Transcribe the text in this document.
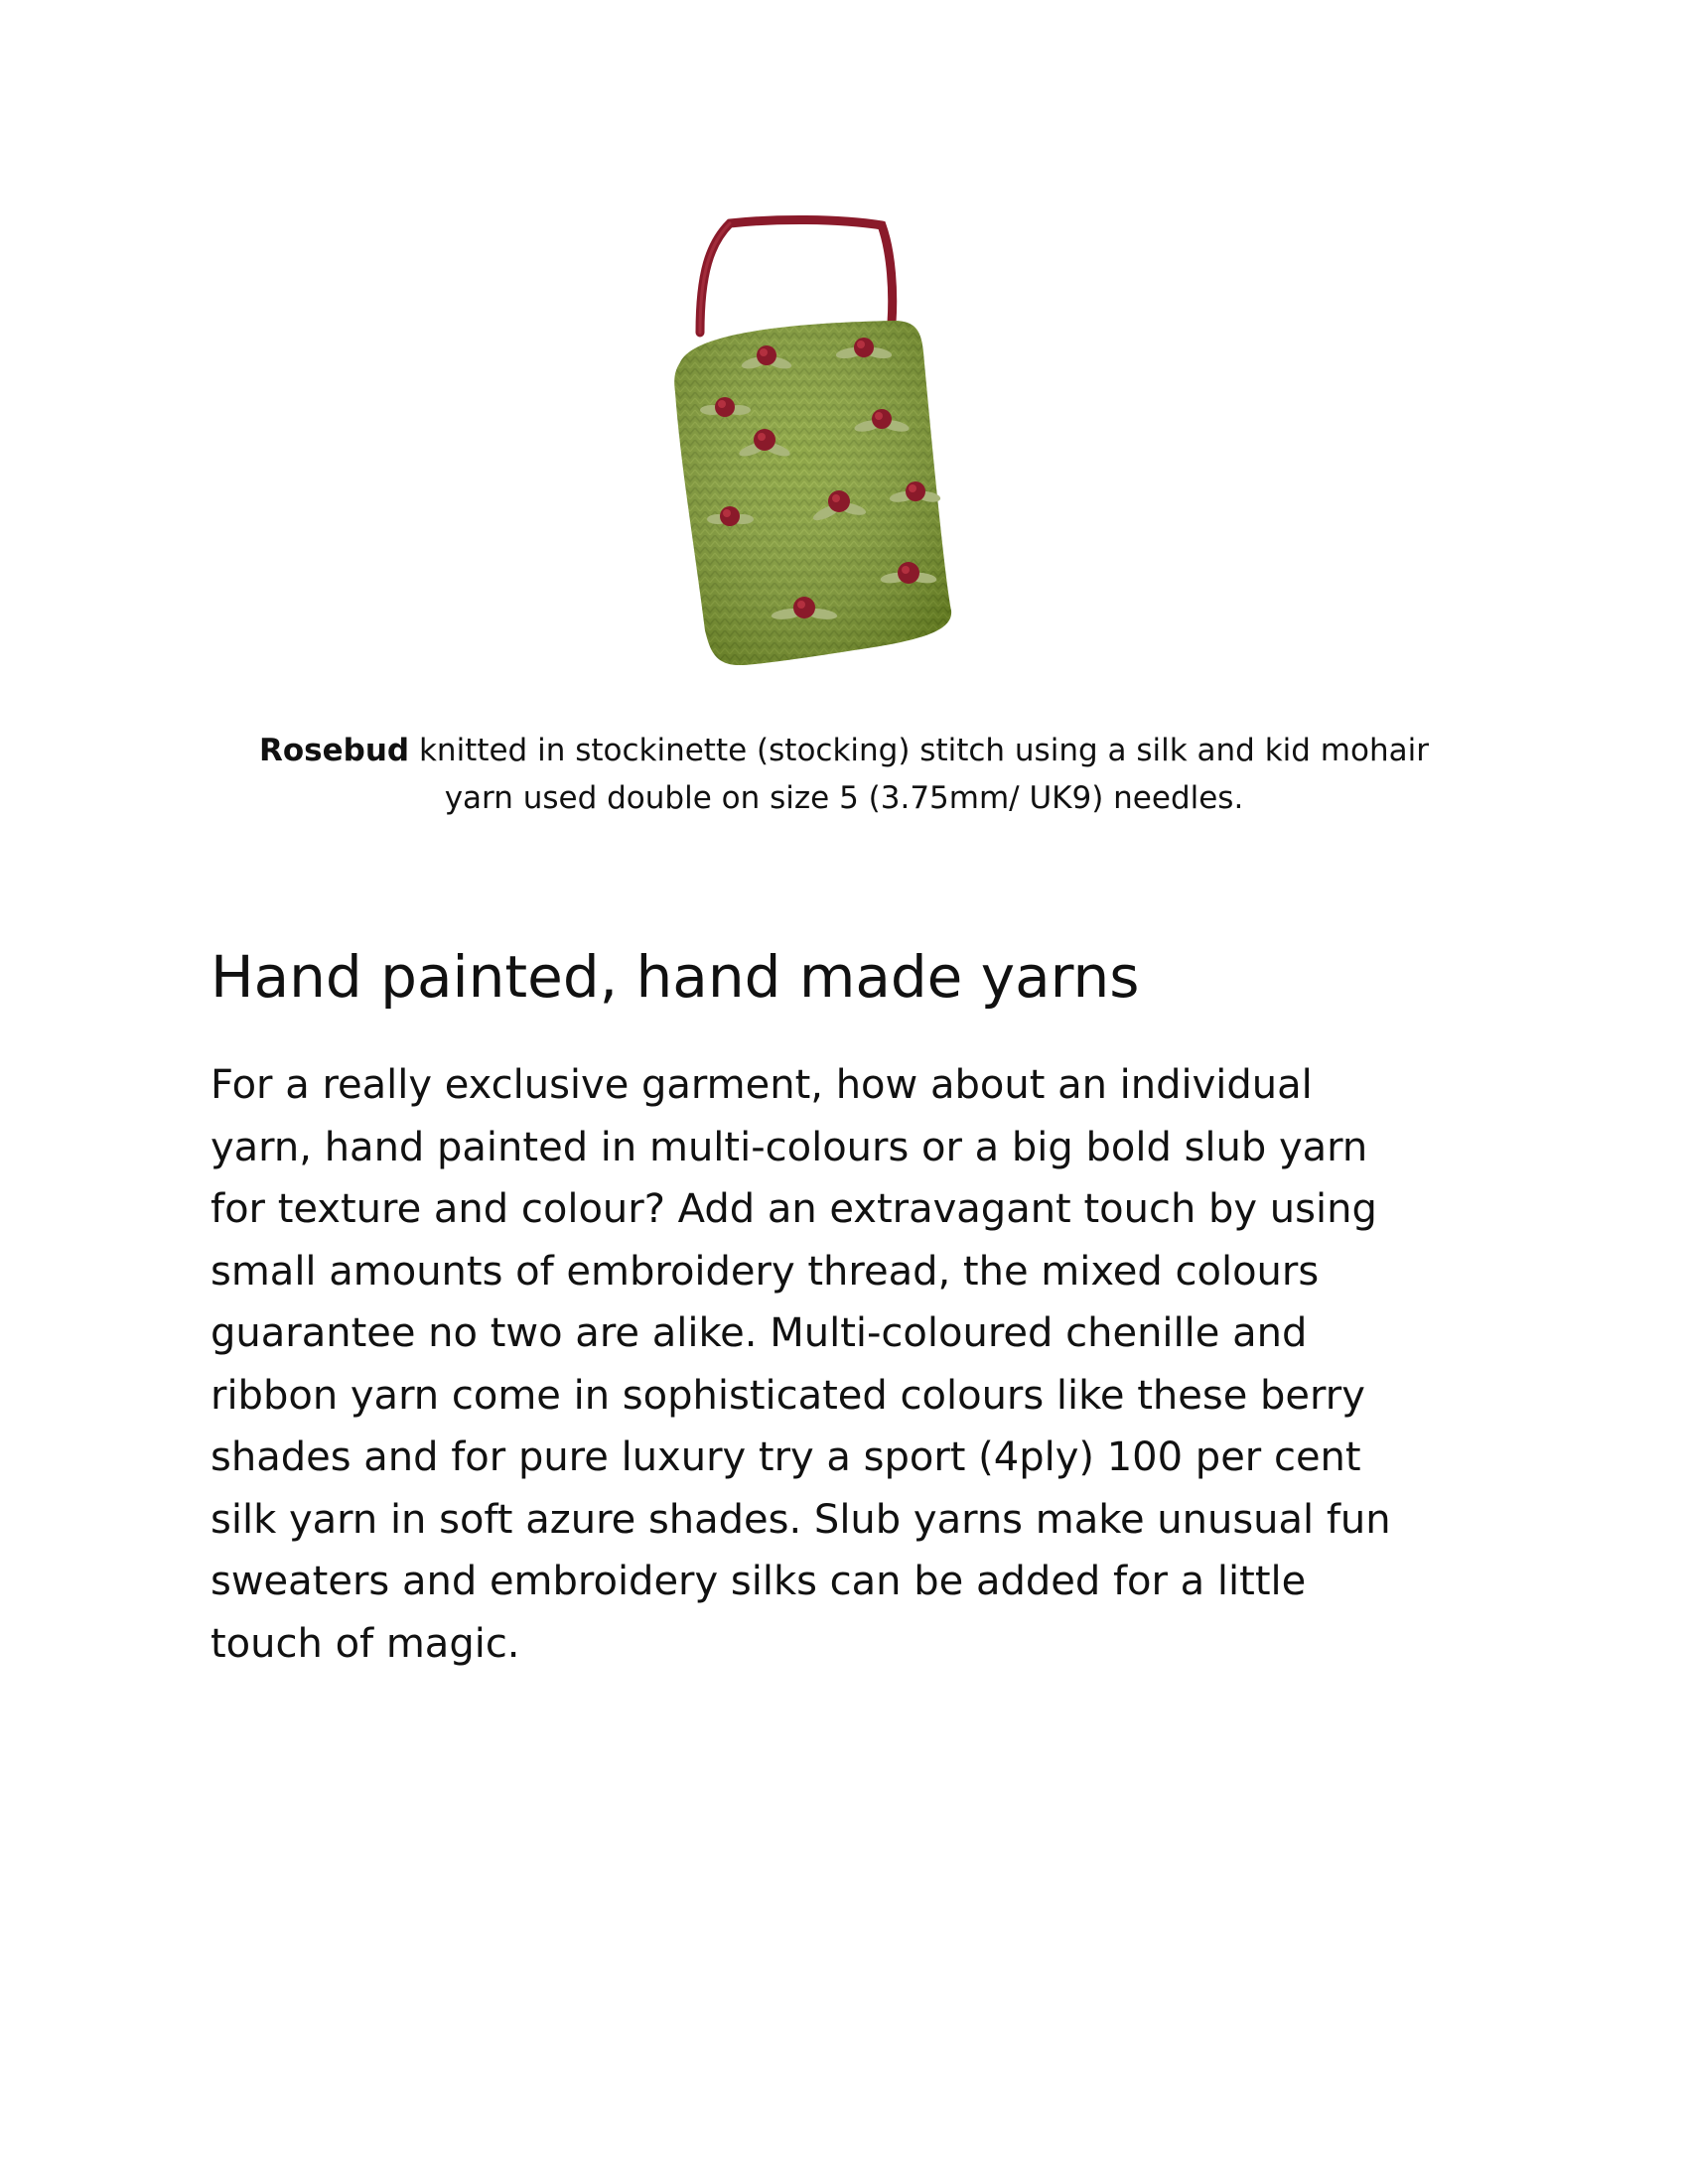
Rosebud knitted in stockinette (stocking) stitch using a silk and kid mohair
yarn used double on size 5 (3.75mm/ UK9) needles.
Hand painted, hand made yarns

For a really exclusive garment, how about an individual
yarn, hand painted in multi-colours or a big bold slub yarn
for texture and colour? Add an extravagant touch by using
small amounts of embroidery thread, the mixed colours
guarantee no two are alike. Multi-coloured chenille and
ribbon yarn come in sophisticated colours like these berry
shades and for pure luxury try a sport (4ply) 100 per cent
silk yarn in soft azure shades. Slub yarns make unusual fun
sweaters and embroidery silks can be added for a little
touch of magic.
